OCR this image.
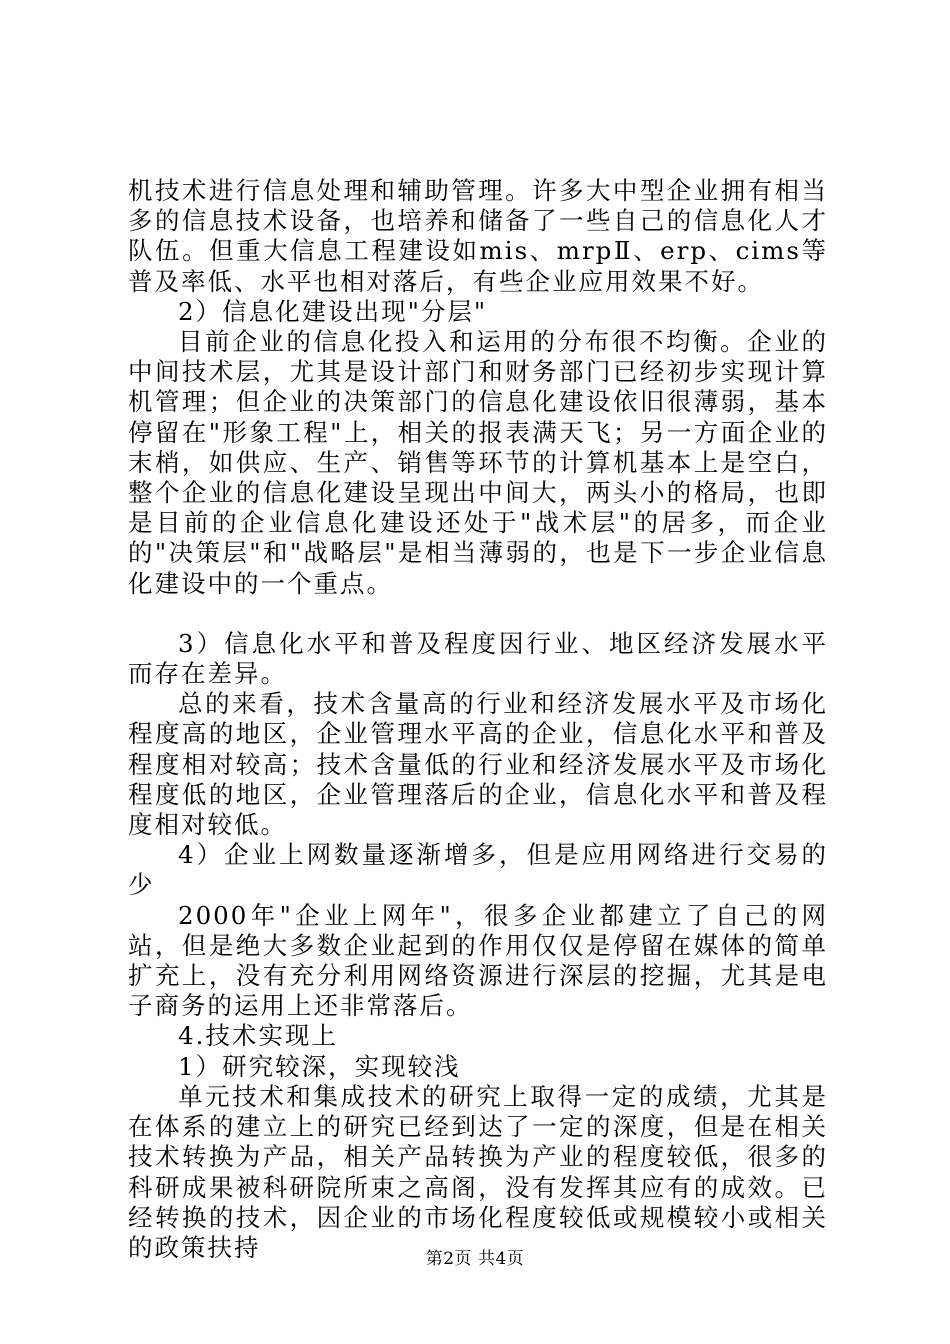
机技术进行信息处理和辅助管理。许多大中型企业拥有相当多的信息技术设备，也培养和储备了一些自己的信息化人才队伍。但重大信息工程建设如mis、mrpⅡ、erp、cims等普及率低、水平也相对落后，有些企业应用效果不好。

2）信息化建设出现"分层"

目前企业的信息化投入和运用的分布很不均衡。企业的中间技术层，尤其是设计部门和财务部门已经初步实现计算机管理；但企业的决策部门的信息化建设依旧很薄弱，基本停留在"形象工程"上，相关的报表满天飞；另一方面企业的末梢，如供应、生产、销售等环节的计算机基本上是空白，整个企业的信息化建设呈现出中间大，两头小的格局，也即是目前的企业信息化建设还处于"战术层"的居多，而企业的"决策层"和"战略层"是相当薄弱的，也是下一步企业信息化建设中的一个重点。

3）信息化水平和普及程度因行业、地区经济发展水平而存在差异。

总的来看，技术含量高的行业和经济发展水平及市场化程度高的地区，企业管理水平高的企业，信息化水平和普及程度相对较高；技术含量低的行业和经济发展水平及市场化程度低的地区，企业管理落后的企业，信息化水平和普及程度相对较低。

4）企业上网数量逐渐增多，但是应用网络进行交易的少

2000年"企业上网年"，很多企业都建立了自己的网站，但是绝大多数企业起到的作用仅仅是停留在媒体的简单扩充上，没有充分利用网络资源进行深层的挖掘，尤其是电子商务的运用上还非常落后。

4.技术实现上

1）研究较深，实现较浅

单元技术和集成技术的研究上取得一定的成绩，尤其是在体系的建立上的研究已经到达了一定的深度，但是在相关技术转换为产品，相关产品转换为产业的程度较低，很多的科研成果被科研院所束之高阁，没有发挥其应有的成效。已经转换的技术，因企业的市场化程度较低或规模较小或相关的政策扶持	第2页 共4页
